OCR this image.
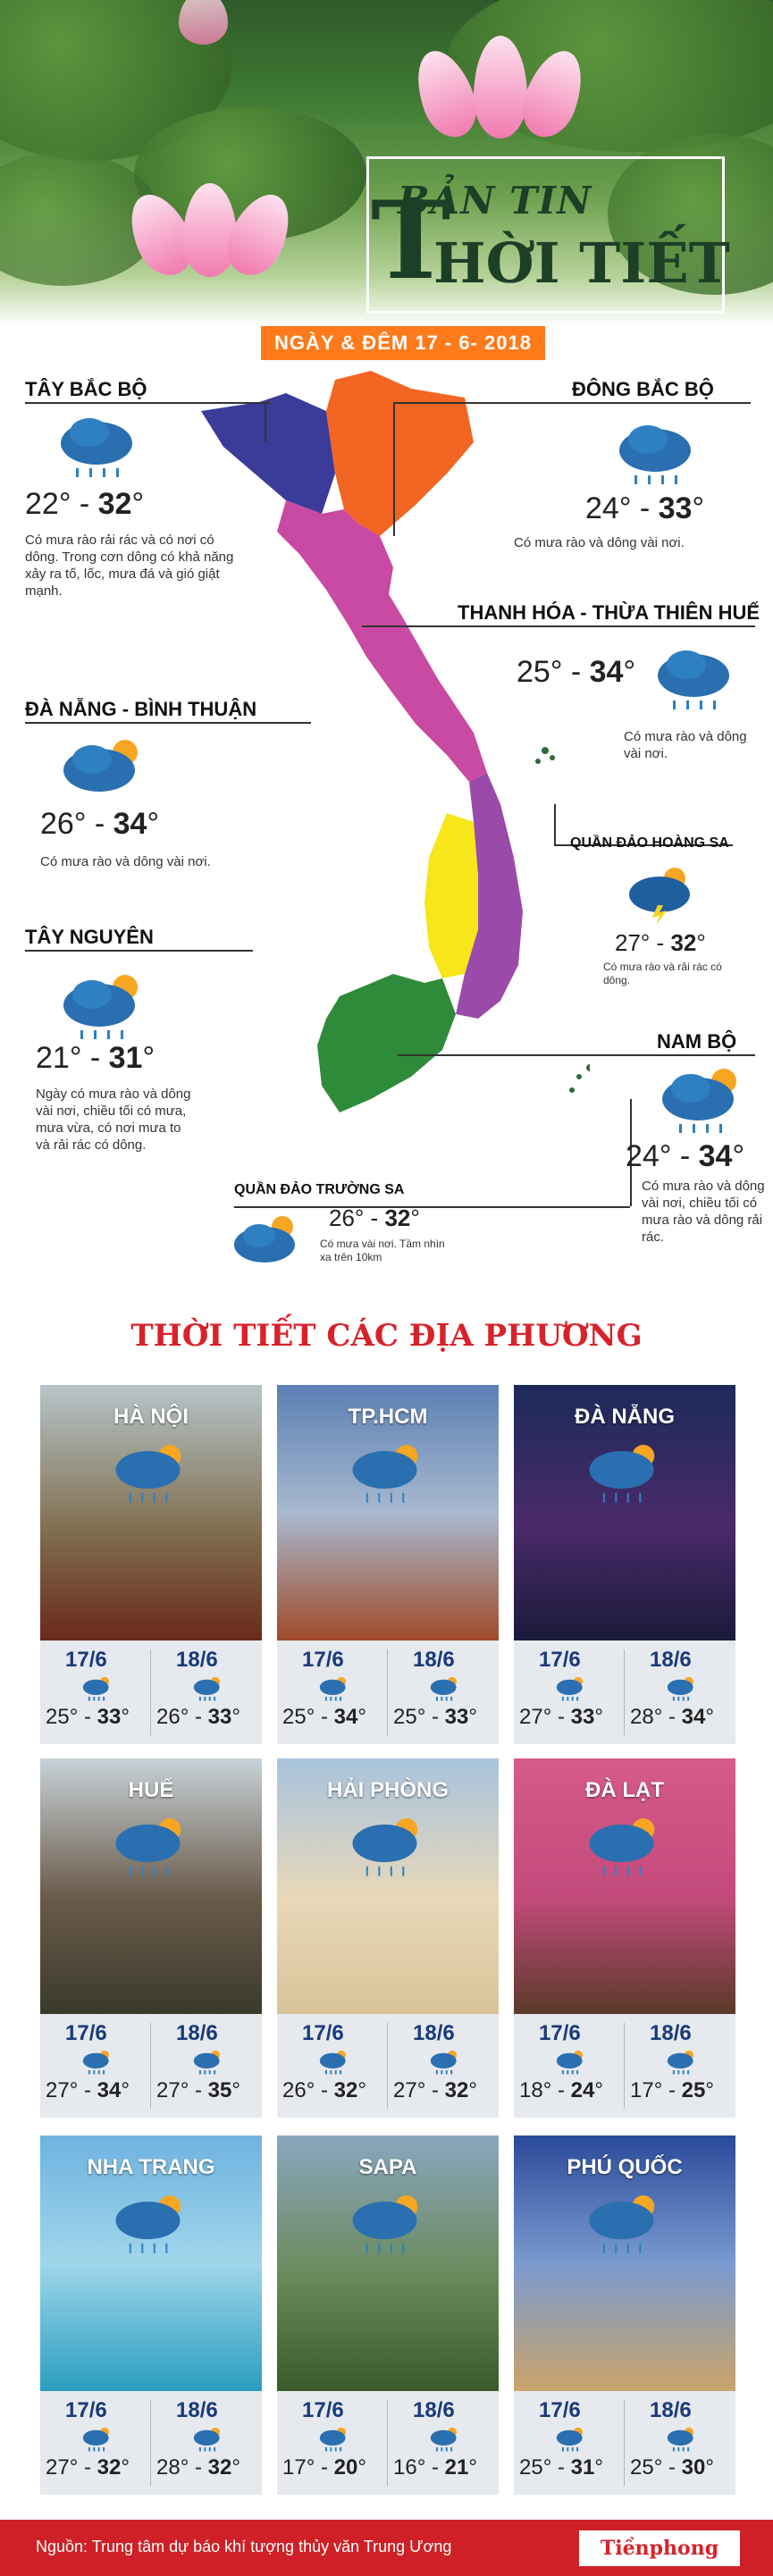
T
BẢN TIN
HỜI TIẾT
NGÀY & ĐÊM 17 - 6- 2018
TÂY BẮC BỘ
22° - 32°
Có mưa rào rải rác và có nơi có dông. Trong cơn dông có khả năng xảy ra tố, lốc, mưa đá và gió giật mạnh.
ĐÔNG BẮC BỘ
24° - 33°
Có mưa rào và dông vài nơi.
THANH HÓA - THỪA THIÊN HUẾ
25° - 34°
Có mưa rào và dông vài nơi.
ĐÀ NẴNG - BÌNH THUẬN
26° - 34°
Có mưa rào và dông vài nơi.
QUẦN ĐẢO HOÀNG SA
27° - 32°
Có mưa rào và rải rác có dông.
TÂY NGUYÊN
21° - 31°
Ngày có mưa rào và dông vài nơi, chiều tối có mưa, mưa vừa, có nơi mưa to và rải rác có dông.
NAM BỘ
24° - 34°
Có mưa rào và dông vài nơi, chiều tối có mưa rào và dông rải rác.
QUẦN ĐẢO TRƯỜNG SA
26° - 32°
Có mưa vài nơi. Tầm nhìn xa trên 10km
THỜI TIẾT CÁC ĐỊA PHƯƠNG
HÀ NỘI
17/6
25° - 33°
18/6
26° - 33°
TP.HCM
17/6
25° - 34°
18/6
25° - 33°
ĐÀ NẴNG
17/6
27° - 33°
18/6
28° - 34°
HUẾ
17/6
27° - 34°
18/6
27° - 35°
HẢI PHÒNG
17/6
26° - 32°
18/6
27° - 32°
ĐÀ LẠT
17/6
18° - 24°
18/6
17° - 25°
NHA TRANG
17/6
27° - 32°
18/6
28° - 32°
SAPA
17/6
17° - 20°
18/6
16° - 21°
PHÚ QUỐC
17/6
25° - 31°
18/6
25° - 30°
Nguồn: Trung tâm dự báo khí tượng thủy văn Trung Ương	Tiềnphong
